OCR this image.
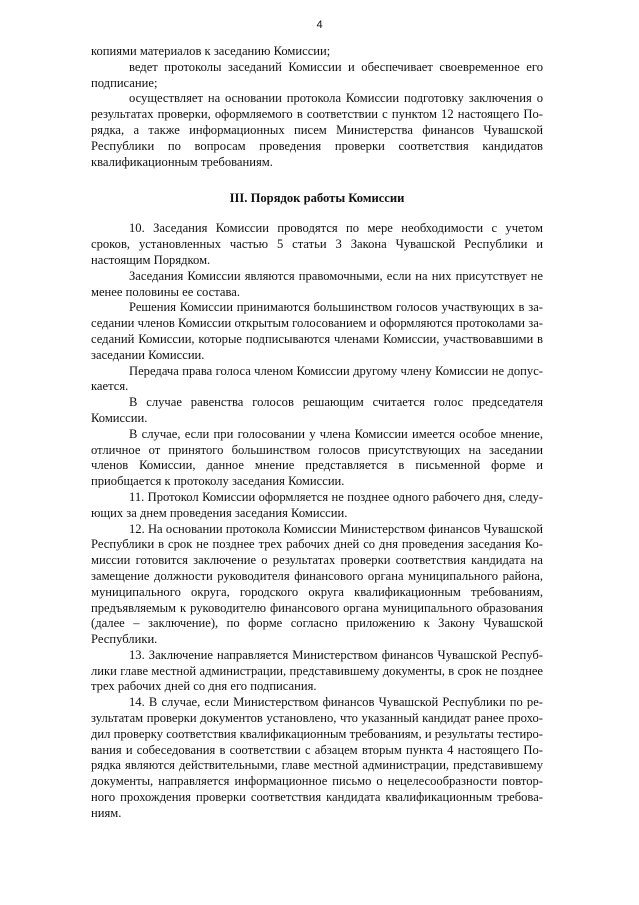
4

копиями материалов к заседанию Комиссии;

ведет протоколы заседаний Комиссии и обеспечивает своевременное его подписание;

осуществляет на основании протокола Комиссии подготовку заключения о результатах проверки, оформляемого в соответствии с пунктом 12 настоящего Порядка, а также информационных писем Министерства финансов Чувашской Республики по вопросам проведения проверки соответствия кандидатов квалификационным требованиям.

III. Порядок работы Комиссии

10. Заседания Комиссии проводятся по мере необходимости с учетом сроков, установленных частью 5 статьи 3 Закона Чувашской Республики и настоящим Порядком.

Заседания Комиссии являются правомочными, если на них присутствует не менее половины ее состава.

Решения Комиссии принимаются большинством голосов участвующих в заседании членов Комиссии открытым голосованием и оформляются протоколами заседаний Комиссии, которые подписываются членами Комиссии, участвовавшими в заседании Комиссии.

Передача права голоса членом Комиссии другому члену Комиссии не допускается.

В случае равенства голосов решающим считается голос председателя Комиссии.

В случае, если при голосовании у члена Комиссии имеется особое мнение, отличное от принятого большинством голосов присутствующих на заседании членов Комиссии, данное мнение представляется в письменной форме и приобщается к протоколу заседания Комиссии.

11. Протокол Комиссии оформляется не позднее одного рабочего дня, следующих за днем проведения заседания Комиссии.

12. На основании протокола Комиссии Министерством финансов Чувашской Республики в срок не позднее трех рабочих дней со дня проведения заседания Комиссии готовится заключение о результатах проверки соответствия кандидата на замещение должности руководителя финансового органа муниципального района, муниципального округа, городского округа квалификационным требованиям, предъявляемым к руководителю финансового органа муниципального образования (далее – заключение), по форме согласно приложению к Закону Чувашской Республики.

13. Заключение направляется Министерством финансов Чувашской Республики главе местной администрации, представившему документы, в срок не позднее трех рабочих дней со дня его подписания.

14. В случае, если Министерством финансов Чувашской Республики по результатам проверки документов установлено, что указанный кандидат ранее проходил проверку соответствия квалификационным требованиям, и результаты тестирования и собеседования в соответствии с абзацем вторым пункта 4 настоящего Порядка являются действительными, главе местной администрации, представившему документы, направляется информационное письмо о нецелесообразности повторного прохождения проверки соответствия кандидата квалификационным требованиям.
